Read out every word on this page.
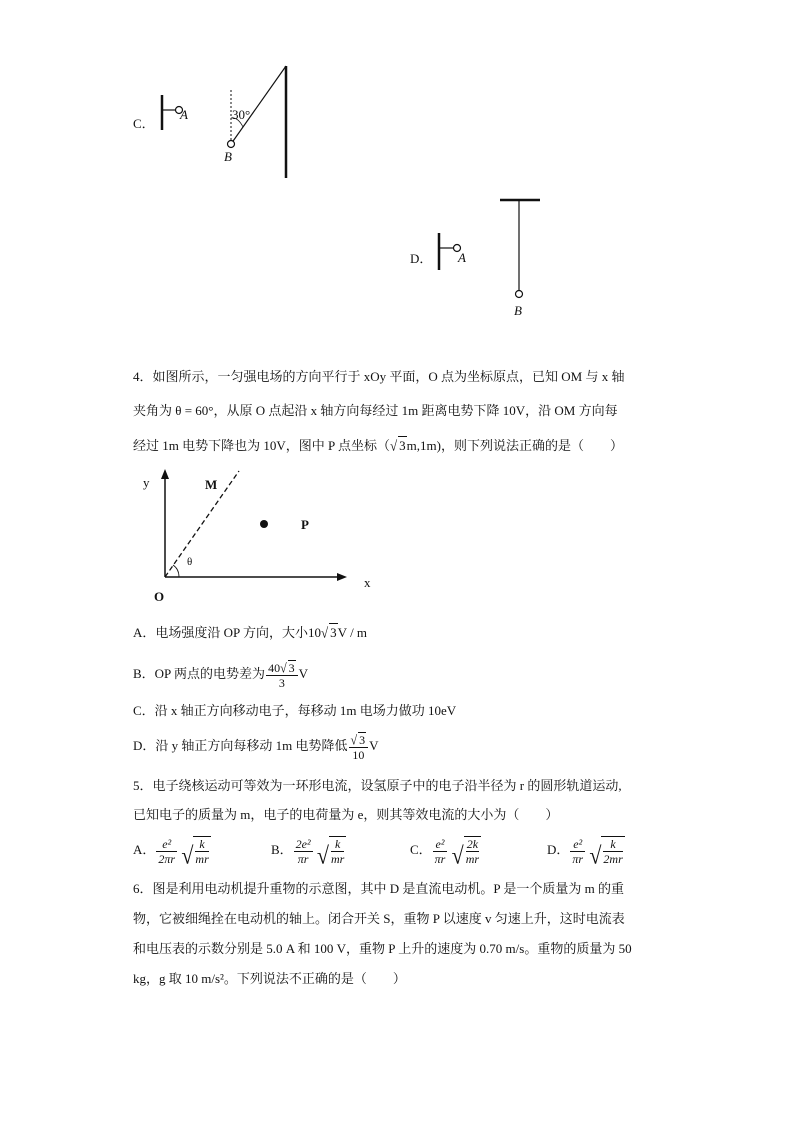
C．
A	30°
B
D． A
B
4．如图所示，一匀强电场的方向平行于 xOy 平面，O 点为坐标原点，已知 OM 与 x 轴
夹角为 θ = 60°，从原 O 点起沿 x 轴方向每经过 1m 距离电势下降 10V，沿 OM 方向每
经过 1m 电势下降也为 10V，图中 P 点坐标（√ 3m,1m)，则下列说法正确的是（　　）
y	M
P
θ
x
O
A．电场强度沿 OP 方向，大小10√ 3V / m
B．OP 两点的电势差为 $\frac{40√ 3}{3}$ V
C．沿 x 轴正方向移动电子，每移动 1m 电场力做功 10eV
D．沿 y 轴正方向每移动 1m 电势降低 $\frac{√ 3}{10}$ V
5．电子绕核运动可等效为一环形电流，设氢原子中的电子沿半径为 r 的圆形轨道运动,
已知电子的质量为 m，电子的电荷量为 e，则其等效电流的大小为（　　）
A． $\frac{\text{e²}}{2\pi r}$ √ $\frac{k}{mr}$	B． $\frac{\text{2e²}}{\pi r}$ √ $\frac{k}{mr}$	C． $\frac{\text{e²}}{\pi r}$ √ $\frac{2k}{mr}$	D． $\frac{\text{e²}}{\pi r}$ √ $\frac{k}{2mr}$
6．图是利用电动机提升重物的示意图，其中 D 是直流电动机。P 是一个质量为 m 的重
物，它被细绳拴在电动机的轴上。闭合开关 S，重物 P 以速度 v 匀速上升，这时电流表
和电压表的示数分别是 5.0 A 和 100 V，重物 P 上升的速度为 0.70 m/s。重物的质量为 50
kg，g 取 10 m/s²。下列说法不正确的是（　　）
